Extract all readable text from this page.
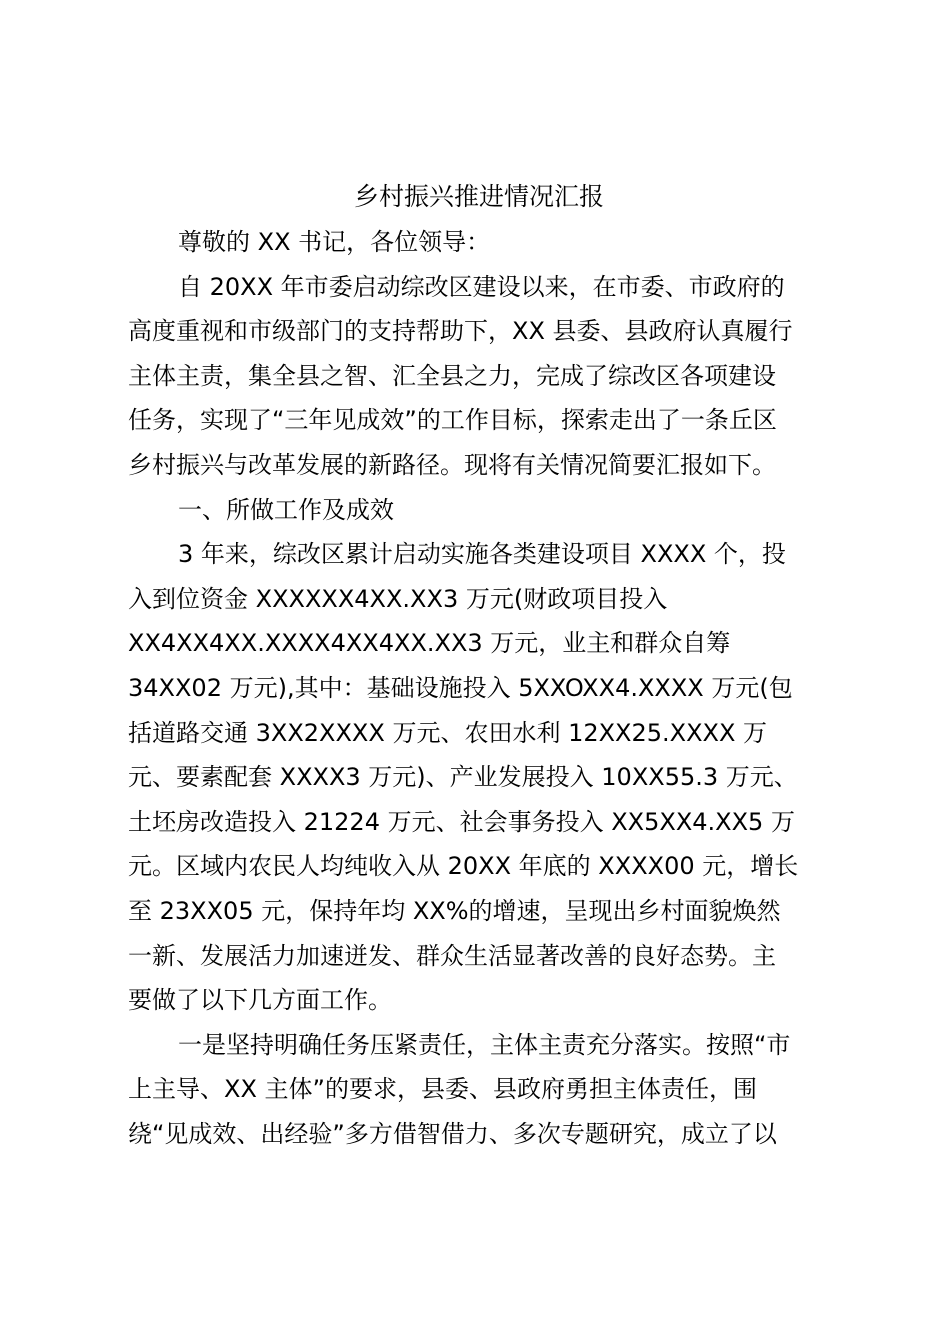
乡村振兴推进情况汇报

尊敬的 XX 书记，各位领导：

自 20XX 年市委启动综改区建设以来，在市委、市政府的
高度重视和市级部门的支持帮助下，XX 县委、县政府认真履行
主体主责，集全县之智、汇全县之力，完成了综改区各项建设
任务，实现了“三年见成效”的工作目标，探索走出了一条丘区
乡村振兴与改革发展的新路径。现将有关情况简要汇报如下。

一、所做工作及成效

3 年来，综改区累计启动实施各类建设项目 XXXX 个，投
入到位资金 XXXXXX4XX.XX3 万元(财政项目投入
XX4XX4XX.XXXX4XX4XX.XX3 万元，业主和群众自筹
34XX02 万元),其中：基础设施投入 5XXOXX4.XXXX 万元(包
括道路交通 3XX2XXXX 万元、农田水利 12XX25.XXXX 万
元、要素配套 XXXX3 万元)、产业发展投入 10XX55.3 万元、
土坯房改造投入 21224 万元、社会事务投入 XX5XX4.XX5 万
元。区域内农民人均纯收入从 20XX 年底的 XXXX00 元，增长
至 23XX05 元，保持年均 XX%的增速，呈现出乡村面貌焕然
一新、发展活力加速迸发、群众生活显著改善的良好态势。主
要做了以下几方面工作。

一是坚持明确任务压紧责任，主体主责充分落实。按照“市
上主导、XX 主体”的要求，县委、县政府勇担主体责任，围
绕“见成效、出经验”多方借智借力、多次专题研究，成立了以
